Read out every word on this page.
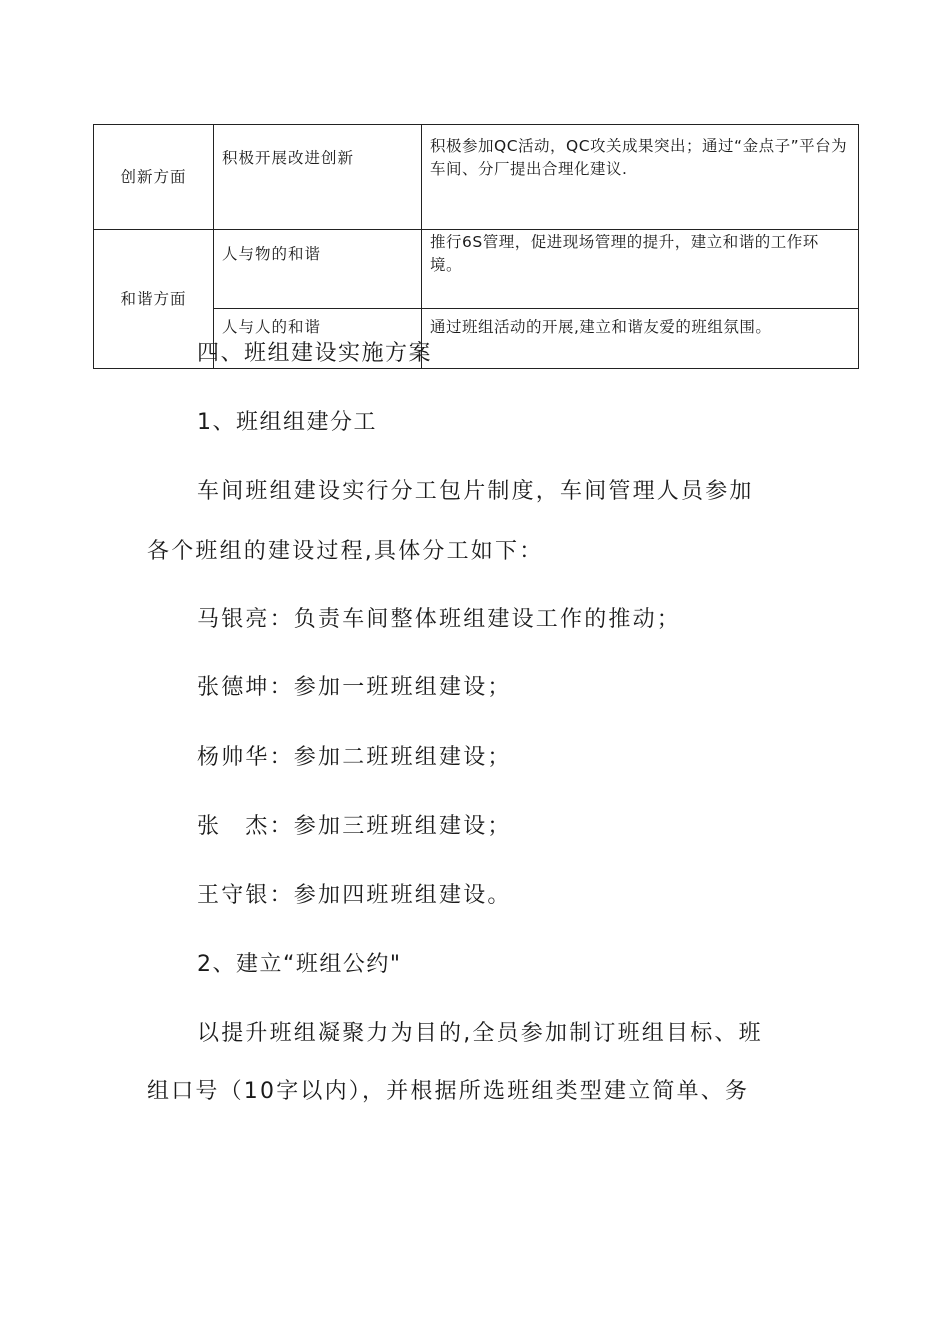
创新方面	积极开展改进创新	积极参加QC活动，QC攻关成果突出；通过“金点子”平台为车间、分厂提出合理化建议.
和谐方面	人与物的和谐	推行6S管理，促进现场管理的提升，建立和谐的工作环境。
	人与人的和谐	通过班组活动的开展,建立和谐友爱的班组氛围。
四、班组建设实施方案
1、班组组建分工
车间班组建设实行分工包片制度，车间管理人员参加
各个班组的建设过程,具体分工如下：
马银亮：负责车间整体班组建设工作的推动；
张德坤：参加一班班组建设；
杨帅华：参加二班班组建设；
张　杰：参加三班班组建设；
王守银：参加四班班组建设。
2、建立“班组公约"
以提升班组凝聚力为目的,全员参加制订班组目标、班
组口号（10字以内），并根据所选班组类型建立简单、务
